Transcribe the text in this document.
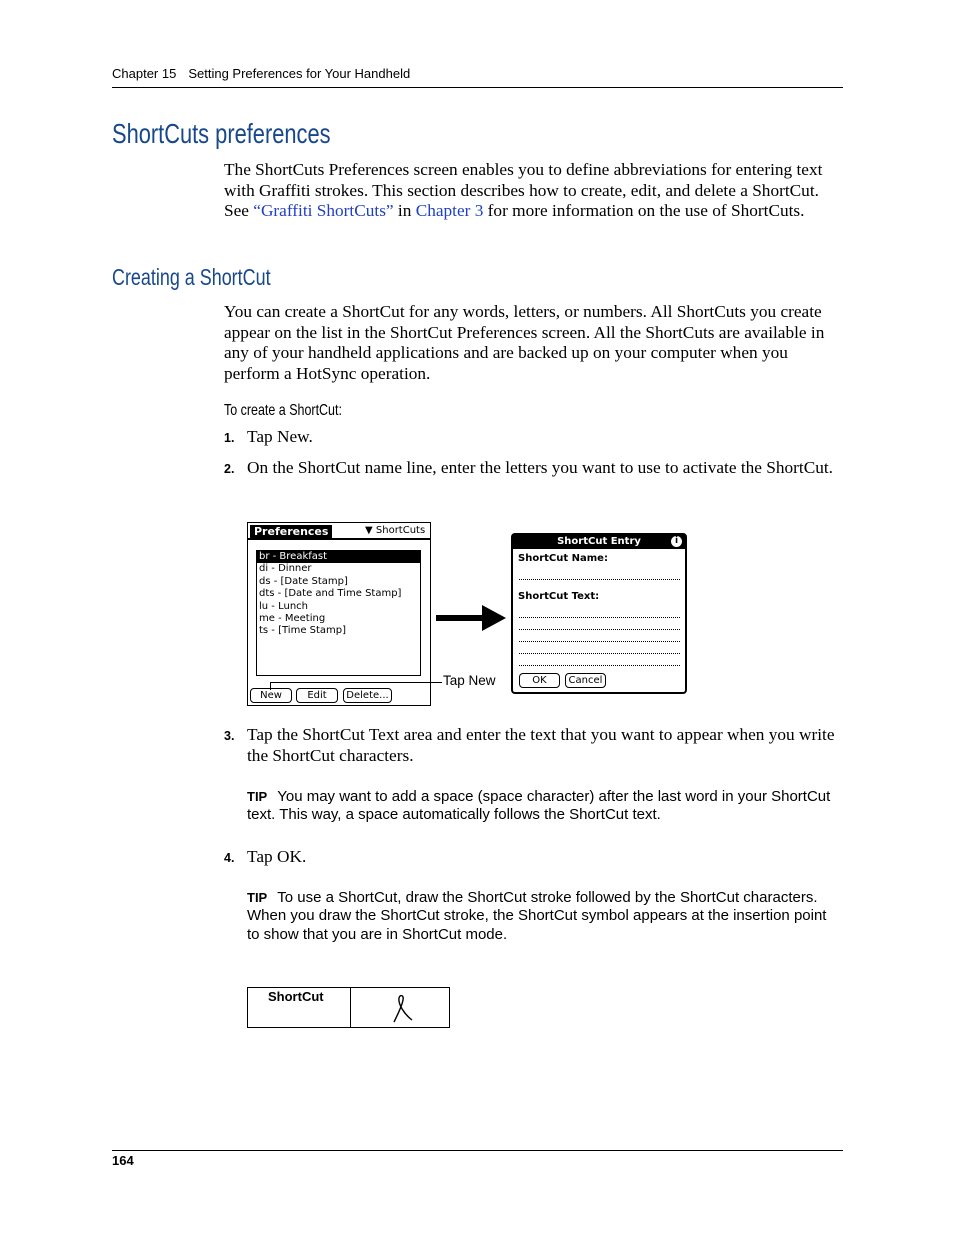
Chapter 15 Setting Preferences for Your Handheld
ShortCuts preferences
The ShortCuts Preferences screen enables you to define abbreviations for entering text with Graffiti strokes. This section describes how to create, edit, and delete a ShortCut. See “Graffiti ShortCuts” in Chapter 3 for more information on the use of ShortCuts.
Creating a ShortCut
You can create a ShortCut for any words, letters, or numbers. All ShortCuts you create appear on the list in the ShortCut Preferences screen. All the ShortCuts are available in any of your handheld applications and are backed up on your computer when you perform a HotSync operation.
To create a ShortCut:
1. Tap New.
2. On the ShortCut name line, enter the letters you want to use to activate the ShortCut.
Preferences	▼ ShortCuts
br - Breakfast
di - Dinner
ds - [Date Stamp]
dts - [Date and Time Stamp]
lu - Lunch
me - Meeting
ts - [Time Stamp]
New	Edit	Delete...
Tap New
ShortCut Entry	i
ShortCut Name:
ShortCut Text:
OK	Cancel
3. Tap the ShortCut Text area and enter the text that you want to appear when you write the ShortCut characters.
TIP You may want to add a space (space character) after the last word in your ShortCut text. This way, a space automatically follows the ShortCut text.
4. Tap OK.
TIP To use a ShortCut, draw the ShortCut stroke followed by the ShortCut characters. When you draw the ShortCut stroke, the ShortCut symbol appears at the insertion point to show that you are in ShortCut mode.
ShortCut
164
